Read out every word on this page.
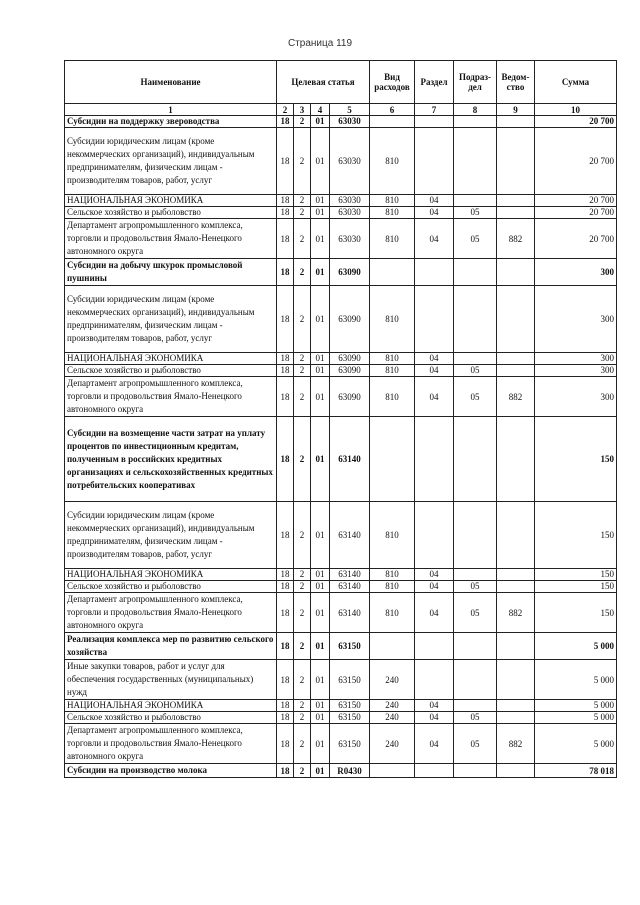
Страница 119
Наименование	Целевая статья				Вид расходов	Раздел	Подраз-дел	Ведом-ство	Сумма
1	2	3	4	5	6	7	8	9	10
Субсидии на поддержку звероводства	18	2	01	63030					20 700
Субсидии юридическим лицам (кроме некоммерческих организаций), индивидуальным предпринимателям, физическим лицам - производителям товаров, работ, услуг	18	2	01	63030	810				20 700
НАЦИОНАЛЬНАЯ ЭКОНОМИКА	18	2	01	63030	810	04			20 700
Сельское хозяйство и рыболовство	18	2	01	63030	810	04	05		20 700
Департамент агропромышленного комплекса, торговли и продовольствия Ямало-Ненецкого автономного округа	18	2	01	63030	810	04	05	882	20 700
Субсидии на добычу шкурок промысловой пушнины	18	2	01	63090					300
Субсидии юридическим лицам (кроме некоммерческих организаций), индивидуальным предпринимателям, физическим лицам - производителям товаров, работ, услуг	18	2	01	63090	810				300
НАЦИОНАЛЬНАЯ ЭКОНОМИКА	18	2	01	63090	810	04			300
Сельское хозяйство и рыболовство	18	2	01	63090	810	04	05		300
Департамент агропромышленного комплекса, торговли и продовольствия Ямало-Ненецкого автономного округа	18	2	01	63090	810	04	05	882	300
Субсидии на возмещение части затрат на уплату процентов по инвестиционным кредитам, полученным в российских кредитных организациях и сельскохозяйственных кредитных потребительских кооперативах	18	2	01	63140					150
Субсидии юридическим лицам (кроме некоммерческих организаций), индивидуальным предпринимателям, физическим лицам - производителям товаров, работ, услуг	18	2	01	63140	810				150
НАЦИОНАЛЬНАЯ ЭКОНОМИКА	18	2	01	63140	810	04			150
Сельское хозяйство и рыболовство	18	2	01	63140	810	04	05		150
Департамент агропромышленного комплекса, торговли и продовольствия Ямало-Ненецкого автономного округа	18	2	01	63140	810	04	05	882	150
Реализация комплекса мер по развитию сельского хозяйства	18	2	01	63150					5 000
Иные закупки товаров, работ и услуг для обеспечения государственных (муниципальных) нужд	18	2	01	63150	240				5 000
НАЦИОНАЛЬНАЯ ЭКОНОМИКА	18	2	01	63150	240	04			5 000
Сельское хозяйство и рыболовство	18	2	01	63150	240	04	05		5 000
Департамент агропромышленного комплекса, торговли и продовольствия Ямало-Ненецкого автономного округа	18	2	01	63150	240	04	05	882	5 000
Субсидии на производство молока	18	2	01	R0430					78 018
